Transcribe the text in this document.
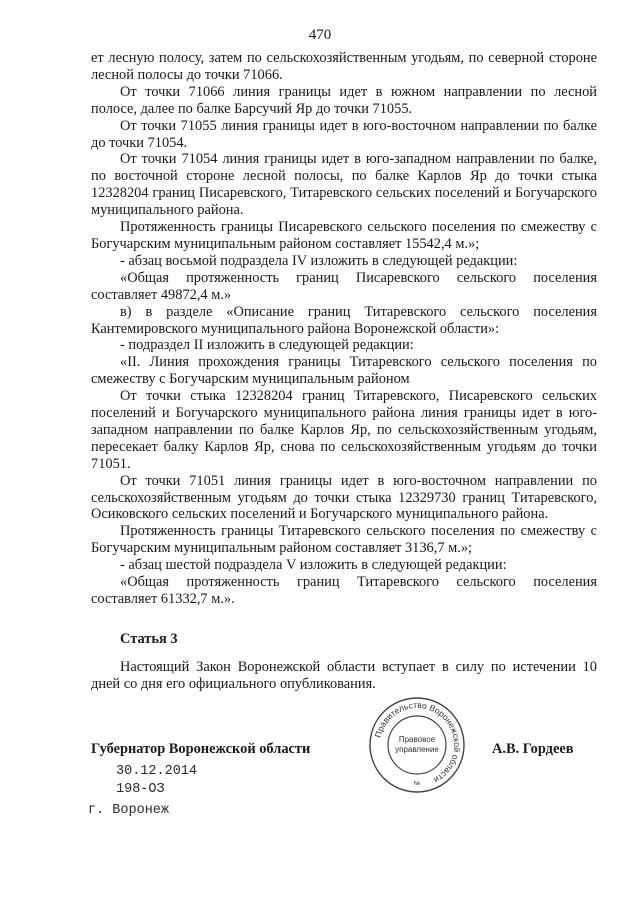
470

ет лесную полосу, затем по сельскохозяйственным угодьям, по северной стороне лесной полосы до точки 71066.

От точки 71066 линия границы идет в южном направлении по лесной полосе, далее по балке Барсучий Яр до точки 71055.

От точки 71055 линия границы идет в юго-восточном направлении по балке до точки 71054.

От точки 71054 линия границы идет в юго-западном направлении по балке, по восточной стороне лесной полосы, по балке Карлов Яр до точки стыка 12328204 границ Писаревского, Титаревского сельских поселений и Богучарского муниципального района.

Протяженность границы Писаревского сельского поселения по смежеству с Богучарским муниципальным районом составляет 15542,4 м.»;

- абзац восьмой подраздела IV изложить в следующей редакции:

«Общая протяженность границ Писаревского сельского поселения составляет 49872,4 м.»

в) в разделе «Описание границ Титаревского сельского поселения Кантемировского муниципального района Воронежской области»:

- подраздел II изложить в следующей редакции:

«II. Линия прохождения границы Титаревского сельского поселения по смежеству с Богучарским муниципальным районом

От точки стыка 12328204 границ Титаревского, Писаревского сельских поселений и Богучарского муниципального района линия границы идет в юго-западном направлении по балке Карлов Яр, по сельскохозяйственным угодьям, пересекает балку Карлов Яр, снова по сельскохозяйственным угодьям до точки 71051.

От точки 71051 линия границы идет в юго-восточном направлении по сельскохозяйственным угодьям до точки стыка 12329730 границ Титаревского, Осиковского сельских поселений и Богучарского муниципального района.

Протяженность границы Титаревского сельского поселения по смежеству с Богучарским муниципальным районом составляет 3136,7 м.»;

- абзац шестой подраздела V изложить в следующей редакции:

«Общая протяженность границ Титаревского сельского поселения составляет 61332,7 м.».

Статья 3

Настоящий Закон Воронежской области вступает в силу по истечении 10 дней со дня его официального опубликования.

Губернатор Воронежской области	А.В. Гордеев
30.12.2014
198-ОЗ
г. Воронеж
Правительство Воронежской области
Правовое
управление
№
